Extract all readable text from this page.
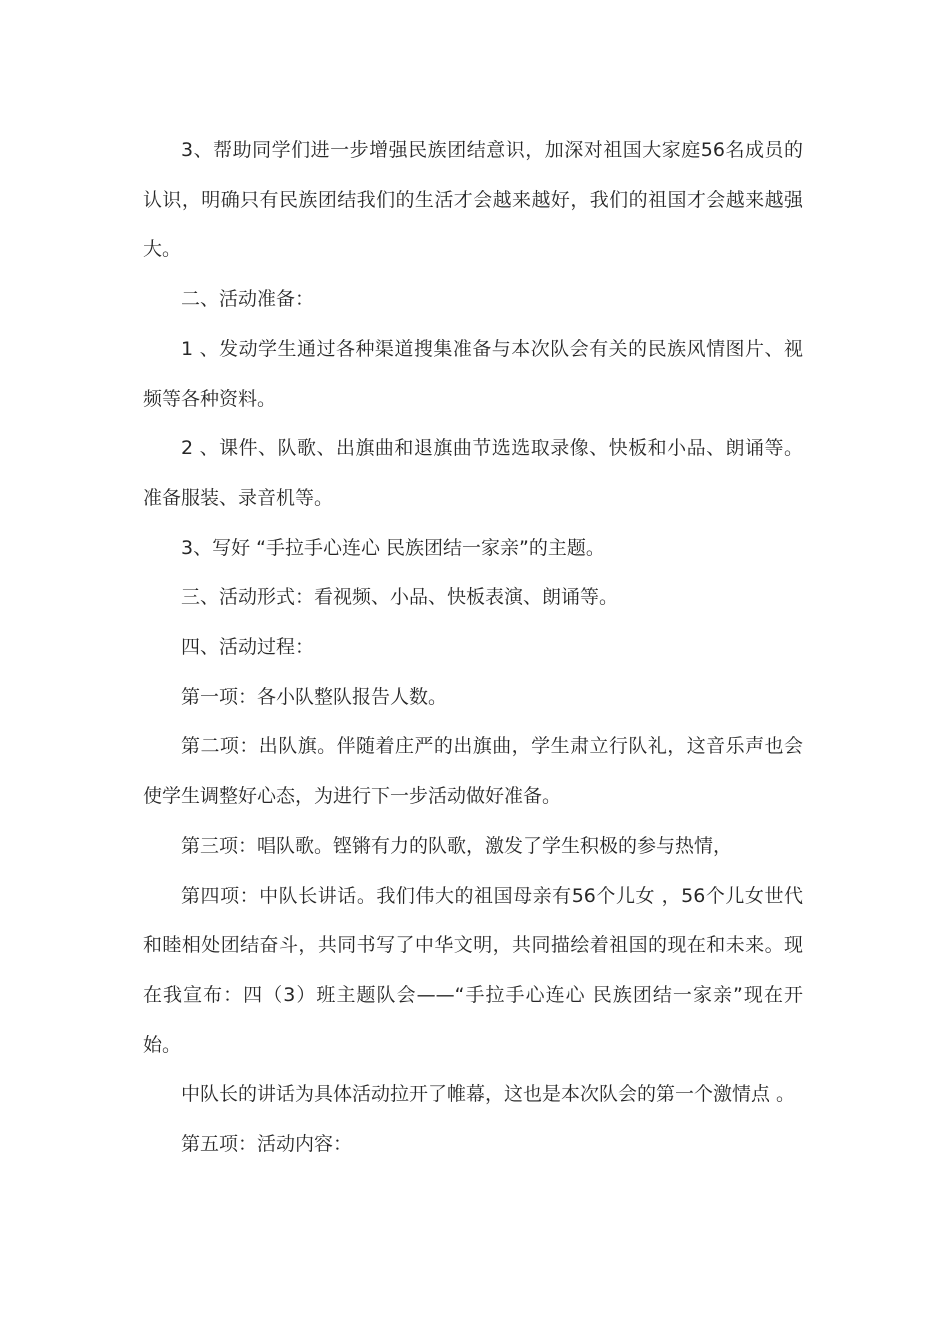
3、帮助同学们进一步增强民族团结意识，加深对祖国大家庭56名成员的认识，明确只有民族团结我们的生活才会越来越好，我们的祖国才会越来越强大。

二、活动准备：

1 、发动学生通过各种渠道搜集准备与本次队会有关的民族风情图片、视频等各种资料。

2 、课件、队歌、出旗曲和退旗曲节选选取录像、快板和小品、朗诵等。准备服装、录音机等。

3、写好 “手拉手心连心 民族团结一家亲”的主题。

三、活动形式：看视频、小品、快板表演、朗诵等。

四、活动过程：

第一项：各小队整队报告人数。

第二项：出队旗。伴随着庄严的出旗曲，学生肃立行队礼，这音乐声也会使学生调整好心态，为进行下一步活动做好准备。

第三项：唱队歌。铿锵有力的队歌，激发了学生积极的参与热情，

第四项：中队长讲话。我们伟大的祖国母亲有56个儿女 ，56个儿女世代和睦相处团结奋斗，共同书写了中华文明，共同描绘着祖国的现在和未来。现在我宣布：四（3）班主题队会——“手拉手心连心 民族团结一家亲”现在开始。

中队长的讲话为具体活动拉开了帷幕，这也是本次队会的第一个激情点 。

第五项：活动内容：
